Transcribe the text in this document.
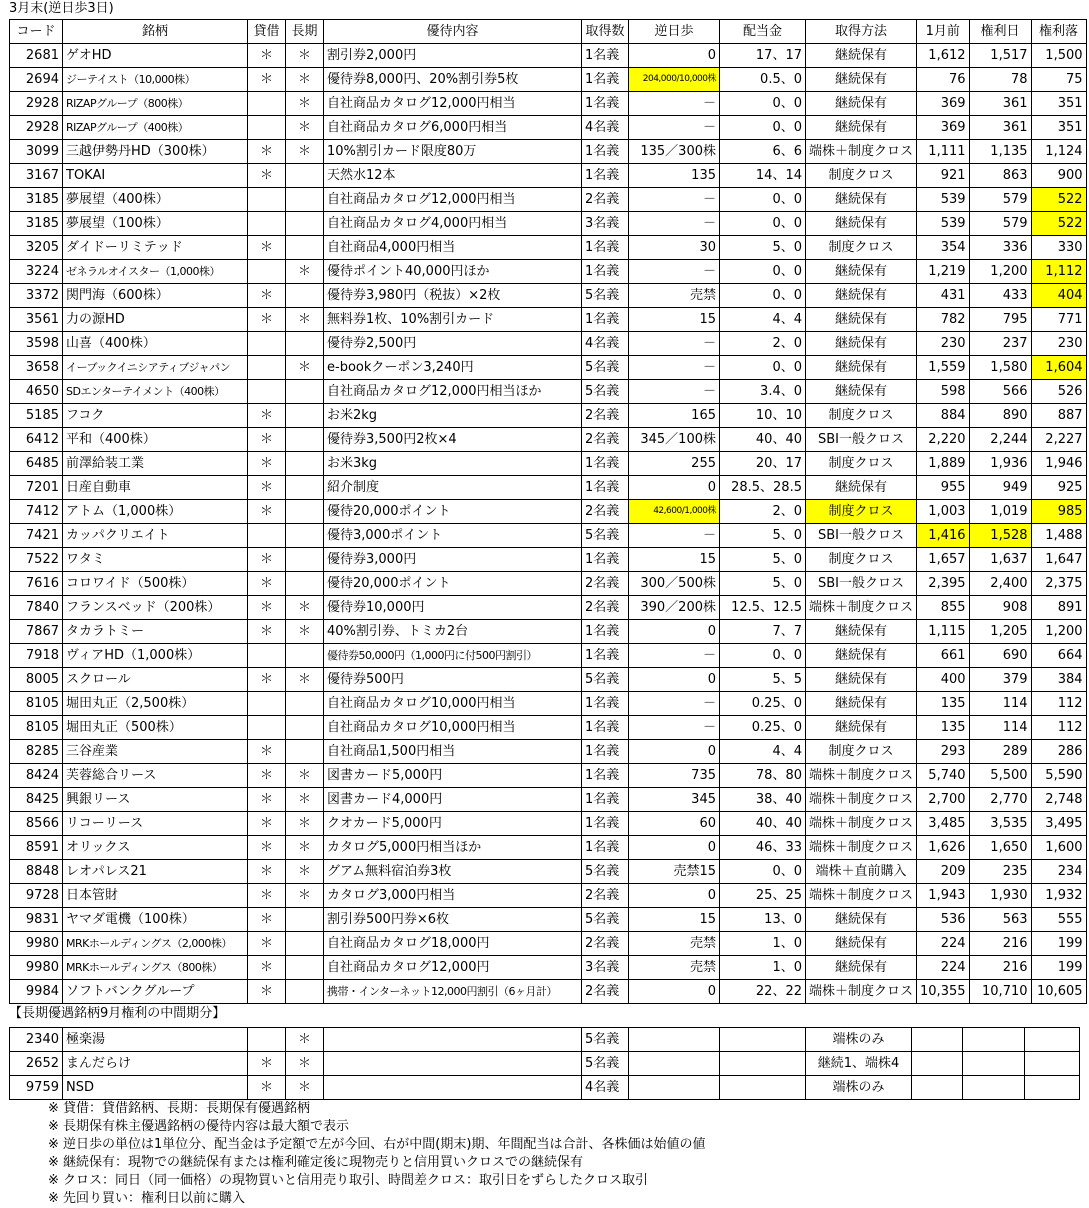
3月末(逆日歩3日)
コード	銘柄	貸借	長期	優待内容	取得数	逆日歩	配当金	取得方法	1月前	権利日	権利落
2681	ゲオHD	＊	＊	割引券2,000円	1名義	0	17、17	継続保有	1,612	1,517	1,500
2694	ジーテイスト（10,000株）	＊	＊	優待券8,000円、20%割引券5枚	1名義	204,000/10,000株	0.5、0	継続保有	76	78	75
2928	RIZAPグループ（800株）		＊	自社商品カタログ12,000円相当	1名義	－	0、0	継続保有	369	361	351
2928	RIZAPグループ（400株）		＊	自社商品カタログ6,000円相当	4名義	－	0、0	継続保有	369	361	351
3099	三越伊勢丹HD（300株）	＊	＊	10%割引カード限度80万	1名義	135／300株	6、6	端株＋制度クロス	1,111	1,135	1,124
3167	TOKAI	＊		天然水12本	1名義	135	14、14	制度クロス	921	863	900
3185	夢展望（400株）			自社商品カタログ12,000円相当	2名義	－	0、0	継続保有	539	579	522
3185	夢展望（100株）			自社商品カタログ4,000円相当	3名義	－	0、0	継続保有	539	579	522
3205	ダイドーリミテッド	＊		自社商品4,000円相当	1名義	30	5、0	制度クロス	354	336	330
3224	ゼネラルオイスター（1,000株）		＊	優待ポイント40,000円ほか	1名義	－	0、0	継続保有	1,219	1,200	1,112
3372	関門海（600株）	＊		優待券3,980円（税抜）×2枚	5名義	売禁	0、0	継続保有	431	433	404
3561	力の源HD	＊	＊	無料券1枚、10%割引カード	1名義	15	4、4	継続保有	782	795	771
3598	山喜（400株）			優待券2,500円	4名義	－	2、0	継続保有	230	237	230
3658	イーブックイニシアティブジャパン		＊	e-bookクーポン3,240円	5名義	－	0、0	継続保有	1,559	1,580	1,604
4650	SDエンターテイメント（400株）			自社商品カタログ12,000円相当ほか	5名義	－	3.4、0	継続保有	598	566	526
5185	フコク	＊		お米2kg	2名義	165	10、10	制度クロス	884	890	887
6412	平和（400株）	＊		優待券3,500円2枚×4	2名義	345／100株	40、40	SBI一般クロス	2,220	2,244	2,227
6485	前澤給装工業	＊		お米3kg	1名義	255	20、17	制度クロス	1,889	1,936	1,946
7201	日産自動車	＊		紹介制度	1名義	0	28.5、28.5	継続保有	955	949	925
7412	アトム（1,000株）	＊		優待20,000ポイント	2名義	42,600/1,000株	2、0	制度クロス	1,003	1,019	985
7421	カッパクリエイト			優待3,000ポイント	5名義	－	5、0	SBI一般クロス	1,416	1,528	1,488
7522	ワタミ	＊		優待券3,000円	1名義	15	5、0	制度クロス	1,657	1,637	1,647
7616	コロワイド（500株）	＊		優待20,000ポイント	2名義	300／500株	5、0	SBI一般クロス	2,395	2,400	2,375
7840	フランスベッド（200株）	＊	＊	優待券10,000円	2名義	390／200株	12.5、12.5	端株＋制度クロス	855	908	891
7867	タカラトミー	＊	＊	40%割引券、トミカ2台	1名義	0	7、7	継続保有	1,115	1,205	1,200
7918	ヴィアHD（1,000株）			優待券50,000円（1,000円に付500円割引）	1名義	－	0、0	継続保有	661	690	664
8005	スクロール	＊	＊	優待券500円	5名義	0	5、5	継続保有	400	379	384
8105	堀田丸正（2,500株）			自社商品カタログ10,000円相当	1名義	－	0.25、0	継続保有	135	114	112
8105	堀田丸正（500株）			自社商品カタログ10,000円相当	1名義	－	0.25、0	継続保有	135	114	112
8285	三谷産業	＊		自社商品1,500円相当	1名義	0	4、4	制度クロス	293	289	286
8424	芙蓉総合リース	＊	＊	図書カード5,000円	1名義	735	78、80	端株＋制度クロス	5,740	5,500	5,590
8425	興銀リース	＊	＊	図書カード4,000円	1名義	345	38、40	端株＋制度クロス	2,700	2,770	2,748
8566	リコーリース	＊	＊	クオカード5,000円	1名義	60	40、40	端株＋制度クロス	3,485	3,535	3,495
8591	オリックス	＊	＊	カタログ5,000円相当ほか	1名義	0	46、33	端株＋制度クロス	1,626	1,650	1,600
8848	レオパレス21	＊	＊	グアム無料宿泊券3枚	5名義	売禁15	0、0	端株＋直前購入	209	235	234
9728	日本管財	＊	＊	カタログ3,000円相当	2名義	0	25、25	端株＋制度クロス	1,943	1,930	1,932
9831	ヤマダ電機（100株）	＊		割引券500円券×6枚	5名義	15	13、0	継続保有	536	563	555
9980	MRKホールディングス（2,000株）	＊		自社商品カタログ18,000円	2名義	売禁	1、0	継続保有	224	216	199
9980	MRKホールディングス（800株）	＊		自社商品カタログ12,000円	3名義	売禁	1、0	継続保有	224	216	199
9984	ソフトバンクグループ	＊		携帯・インターネット12,000円割引（6ヶ月計）	2名義	0	22、22	端株＋制度クロス	10,355	10,710	10,605
【長期優遇銘柄9月権利の中間期分】
2340	極楽湯		＊		5名義			端株のみ			
2652	まんだらけ	＊	＊		5名義			継続1、端株4			
9759	NSD	＊	＊		4名義			端株のみ			
※ 貸借：貸借銘柄、長期：長期保有優遇銘柄
※ 長期保有株主優遇銘柄の優待内容は最大額で表示
※ 逆日歩の単位は1単位分、配当金は予定額で左が今回、右が中間(期末)期、年間配当は合計、各株価は始値の値
※ 継続保有：現物での継続保有または権利確定後に現物売りと信用買いクロスでの継続保有
※ クロス：同日（同一価格）の現物買いと信用売り取引、時間差クロス：取引日をずらしたクロス取引
※ 先回り買い：権利日以前に購入
